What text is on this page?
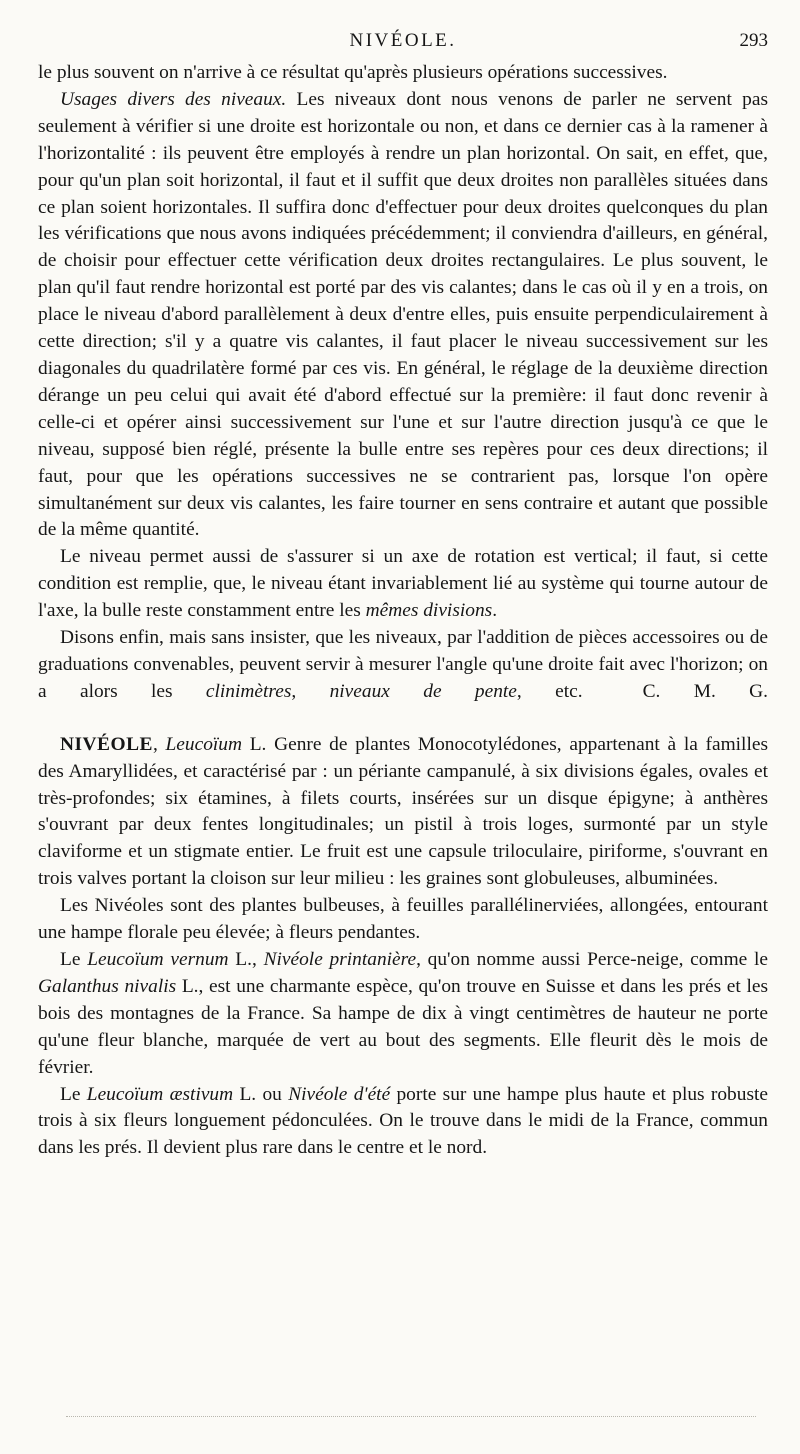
NIVÉOLE.	293

le plus souvent on n'arrive à ce résultat qu'après plusieurs opérations successives.

Usages divers des niveaux. Les niveaux dont nous venons de parler ne servent pas seulement à vérifier si une droite est horizontale ou non, et dans ce dernier cas à la ramener à l'horizontalité : ils peuvent être employés à rendre un plan horizontal. On sait, en effet, que, pour qu'un plan soit horizontal, il faut et il suffit que deux droites non parallèles situées dans ce plan soient horizontales. Il suffira donc d'effectuer pour deux droites quelconques du plan les vérifications que nous avons indiquées précédemment; il conviendra d'ailleurs, en général, de choisir pour effectuer cette vérification deux droites rectangulaires. Le plus souvent, le plan qu'il faut rendre horizontal est porté par des vis calantes; dans le cas où il y en a trois, on place le niveau d'abord parallèlement à deux d'entre elles, puis ensuite perpendiculairement à cette direction; s'il y a quatre vis calantes, il faut placer le niveau successivement sur les diagonales du quadrilatère formé par ces vis. En général, le réglage de la deuxième direction dérange un peu celui qui avait été d'abord effectué sur la première: il faut donc revenir à celle-ci et opérer ainsi successivement sur l'une et sur l'autre direction jusqu'à ce que le niveau, supposé bien réglé, présente la bulle entre ses repères pour ces deux directions; il faut, pour que les opérations successives ne se contrarient pas, lorsque l'on opère simultanément sur deux vis calantes, les faire tourner en sens contraire et autant que possible de la même quantité.

Le niveau permet aussi de s'assurer si un axe de rotation est vertical; il faut, si cette condition est remplie, que, le niveau étant invariablement lié au système qui tourne autour de l'axe, la bulle reste constamment entre les mêmes divisions.

Disons enfin, mais sans insister, que les niveaux, par l'addition de pièces accessoires ou de graduations convenables, peuvent servir à mesurer l'angle qu'une droite fait avec l'horizon; on a alors les clinimètres, niveaux de pente, etc.	C. M. G.

NIVÉOLE, Leucoïum L. Genre de plantes Monocotylédones, appartenant à la familles des Amaryllidées, et caractérisé par : un périante campanulé, à six divisions égales, ovales et très-profondes; six étamines, à filets courts, insérées sur un disque épigyne; à anthères s'ouvrant par deux fentes longitudinales; un pistil à trois loges, surmonté par un style claviforme et un stigmate entier. Le fruit est une capsule triloculaire, piriforme, s'ouvrant en trois valves portant la cloison sur leur milieu : les graines sont globuleuses, albuminées.

Les Nivéoles sont des plantes bulbeuses, à feuilles parallélinerviées, allongées, entourant une hampe florale peu élevée; à fleurs pendantes.

Le Leucoïum vernum L., Nivéole printanière, qu'on nomme aussi Perce-neige, comme le Galanthus nivalis L., est une charmante espèce, qu'on trouve en Suisse et dans les prés et les bois des montagnes de la France. Sa hampe de dix à vingt centimètres de hauteur ne porte qu'une fleur blanche, marquée de vert au bout des segments. Elle fleurit dès le mois de février.

Le Leucoïum æstivum L. ou Nivéole d'été porte sur une hampe plus haute et plus robuste trois à six fleurs longuement pédonculées. On le trouve dans le midi de la France, commun dans les prés. Il devient plus rare dans le centre et le nord.
